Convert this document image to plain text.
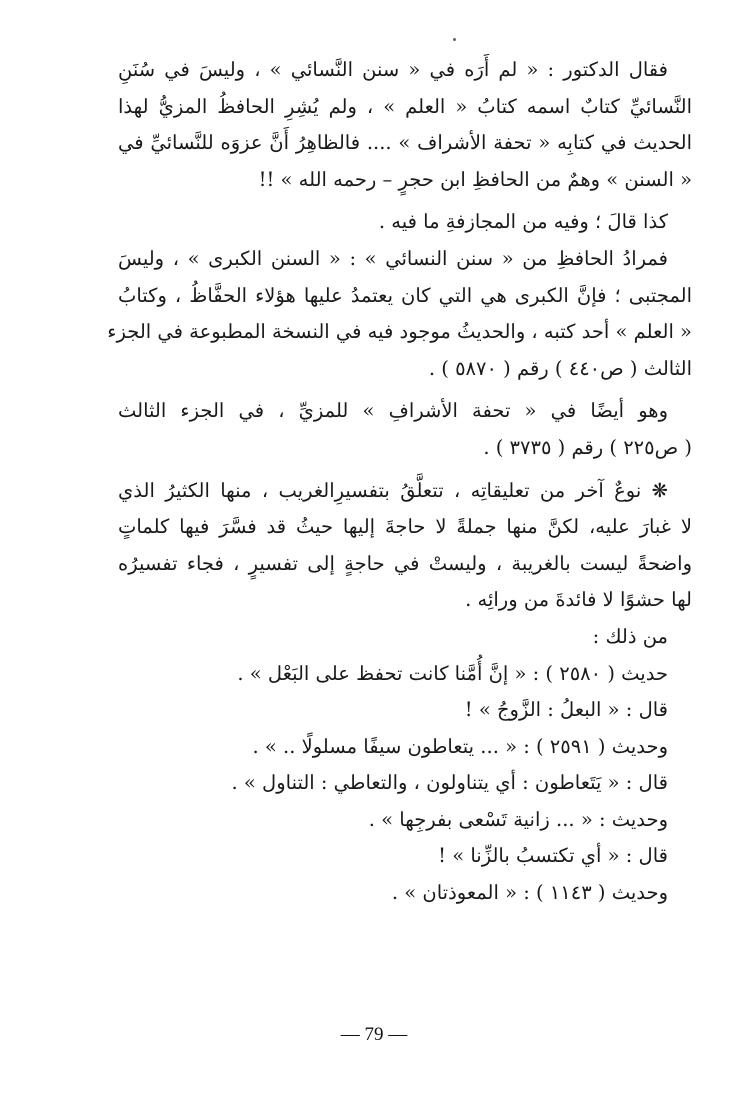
فقال الدكتور : « لم أَرَه في « سنن النَّسائي » ، وليسَ في سُنَنِ
النَّسائيِّ كتابٌ اسمه كتابُ « العلم » ، ولم يُشِرِ الحافظُ المزيُّ لهذا
الحديث في كتابِه « تحفة الأشراف » .... فالظاهِرُ أَنَّ عزوَه للنَّسائيِّ في
« السنن » وهمٌ من الحافظِ ابن حجرٍ – رحمه الله » !!
كذا قالَ ؛ وفيه من المجازفةِ ما فيه .
فمرادُ الحافظِ من « سنن النسائي » : « السنن الكبرى » ، وليسَ
المجتبى ؛ فإنَّ الكبرى هي التي كان يعتمدُ عليها هؤلاء الحفَّاظُ ، وكتابُ
« العلم » أحد كتبه ، والحديثُ موجود فيه في النسخة المطبوعة في الجزء
الثالث ( ص٤٤٠ ) رقم ( ٥٨٧٠ ) .
وهو أيضًا في « تحفة الأشرافِ » للمزيِّ ، في الجزء الثالث
( ص٢٢٥ ) رقم ( ٣٧٣٥ ) .
❋ نوعٌ آخر من تعليقاتِه ، تتعلَّقُ بتفسيرِالغريب ، منها الكثيرُ الذي
لا غبارَ عليه، لكنَّ منها جملةً لا حاجةَ إليها حيثُ قد فسَّرَ فيها كلماتٍ
واضحةً ليست بالغريبة ، وليستْ في حاجةٍ إلى تفسيرٍ ، فجاء تفسيرُه
لها حشوًا لا فائدةَ من ورائِه .
من ذلك :
حديث ( ٢٥٨٠ ) : « إنَّ أُمَّنا كانت تحفظ على البَعْل » .
قال : « البعلُ : الزَّوجُ » !
وحديث ( ٢٥٩١ ) : « ... يتعاطون سيفًا مسلولًا .. » .
قال : « يَتَعاطون : أي يتناولون ، والتعاطي : التناول » .
وحديث : « ... زانية تَسْعى بفرجِها » .
قال : « أي تكتسبُ بالزِّنا » !
وحديث ( ١١٤٣ ) : « المعوذتان » .
— 79 —
